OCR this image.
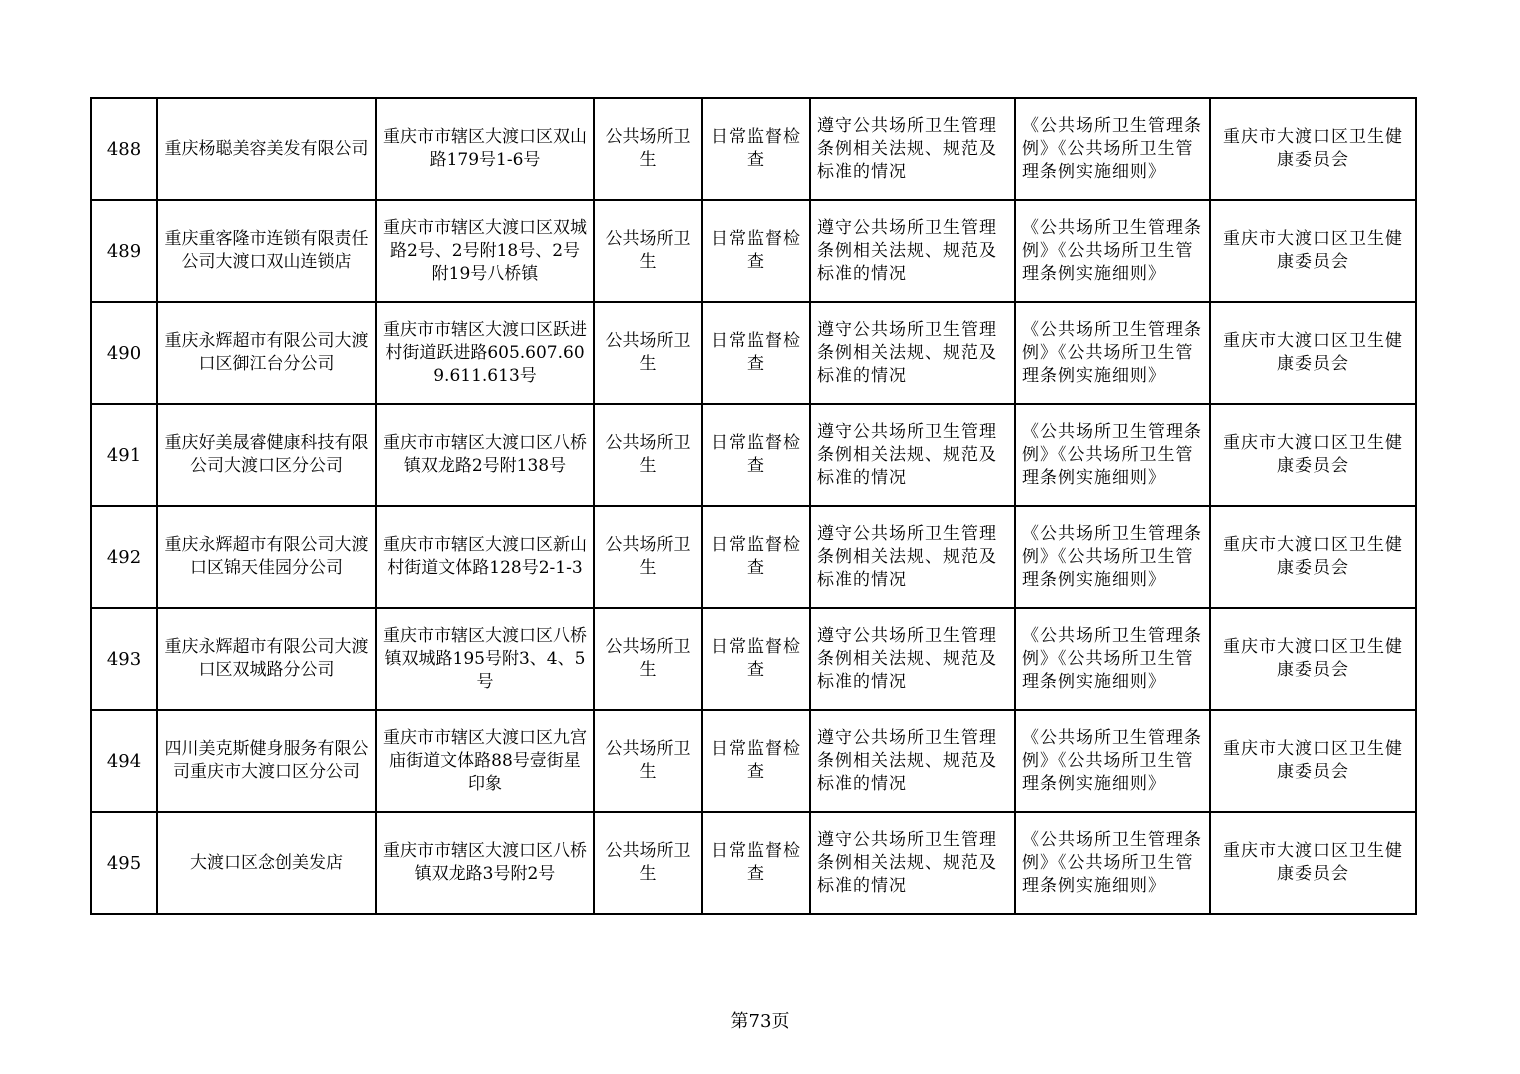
488	重庆杨聪美容美发有限公司	重庆市市辖区大渡口区双山路179号1-6号	公共场所卫生	日常监督检查	遵守公共场所卫生管理条例相关法规、规范及标准的情况	《公共场所卫生管理条例》《公共场所卫生管理条例实施细则》	重庆市大渡口区卫生健康委员会
489	重庆重客隆市连锁有限责任公司大渡口双山连锁店	重庆市市辖区大渡口区双城路2号、2号附18号、2号附19号八桥镇	公共场所卫生	日常监督检查	遵守公共场所卫生管理条例相关法规、规范及标准的情况	《公共场所卫生管理条例》《公共场所卫生管理条例实施细则》	重庆市大渡口区卫生健康委员会
490	重庆永辉超市有限公司大渡口区御江台分公司	重庆市市辖区大渡口区跃进村街道跃进路605.607.609.611.613号	公共场所卫生	日常监督检查	遵守公共场所卫生管理条例相关法规、规范及标准的情况	《公共场所卫生管理条例》《公共场所卫生管理条例实施细则》	重庆市大渡口区卫生健康委员会
491	重庆好美晟睿健康科技有限公司大渡口区分公司	重庆市市辖区大渡口区八桥镇双龙路2号附138号	公共场所卫生	日常监督检查	遵守公共场所卫生管理条例相关法规、规范及标准的情况	《公共场所卫生管理条例》《公共场所卫生管理条例实施细则》	重庆市大渡口区卫生健康委员会
492	重庆永辉超市有限公司大渡口区锦天佳园分公司	重庆市市辖区大渡口区新山村街道文体路128号2-1-3	公共场所卫生	日常监督检查	遵守公共场所卫生管理条例相关法规、规范及标准的情况	《公共场所卫生管理条例》《公共场所卫生管理条例实施细则》	重庆市大渡口区卫生健康委员会
493	重庆永辉超市有限公司大渡口区双城路分公司	重庆市市辖区大渡口区八桥镇双城路195号附3、4、5号	公共场所卫生	日常监督检查	遵守公共场所卫生管理条例相关法规、规范及标准的情况	《公共场所卫生管理条例》《公共场所卫生管理条例实施细则》	重庆市大渡口区卫生健康委员会
494	四川美克斯健身服务有限公司重庆市大渡口区分公司	重庆市市辖区大渡口区九宫庙街道文体路88号壹街星印象	公共场所卫生	日常监督检查	遵守公共场所卫生管理条例相关法规、规范及标准的情况	《公共场所卫生管理条例》《公共场所卫生管理条例实施细则》	重庆市大渡口区卫生健康委员会
495	大渡口区念创美发店	重庆市市辖区大渡口区八桥镇双龙路3号附2号	公共场所卫生	日常监督检查	遵守公共场所卫生管理条例相关法规、规范及标准的情况	《公共场所卫生管理条例》《公共场所卫生管理条例实施细则》	重庆市大渡口区卫生健康委员会
第73页
